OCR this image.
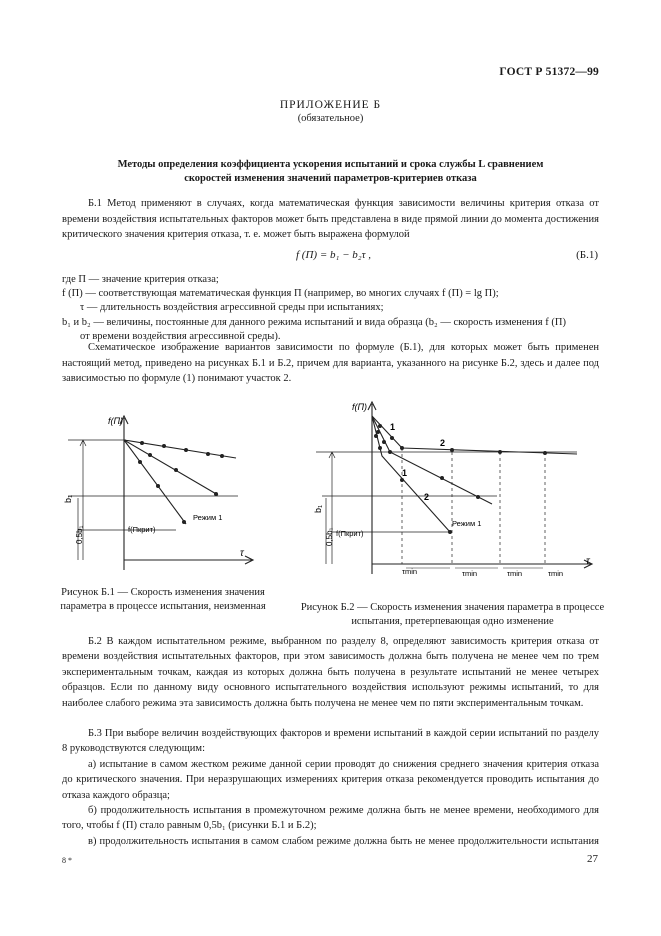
ГОСТ Р 51372—99
ПРИЛОЖЕНИЕ Б
(обязательное)
Методы определения коэффициента ускорения испытаний и срока службы L сравнением
скоростей изменения значений параметров-критериев отказа
Б.1 Метод применяют в случаях, когда математическая функция зависимости величины критерия отказа от времени воздействия испытательных факторов может быть представлена в виде прямой линии до момента достижения критического значения критерия отказа, т. е. может быть выражена формулой
f (П) = b₁ − b₂τ ,	(Б.1)

где П — значение критерия отказа;

f (П) — соответствующая математическая функция П (например, во многих случаях f (П) = lg П);

τ — длительность воздействия агрессивной среды при испытаниях;

b₁ и b₂ — величины, постоянные для данного режима испытаний и вида образца (b₂ — скорость изменения f (П)

от времени воздействия агрессивной среды).

Схематическое изображение вариантов зависимости по формуле (Б.1), для которых может быть применен настоящий метод, приведено на рисунках Б.1 и Б.2, причем для варианта, указанного на рисунке Б.2, здесь и далее под зависимостью по формуле (1) понимают участок 2.
f(П)
b₁
0,5b₁	f(Пкрит)
Режим 1
τ
Рисунок Б.1 — Скорость изменения значения параметра в процессе испытания, неизменная
f(П)
1
1
2
2
b₁
0,5b₁ f(Пкрит)
Режим 1
τmin	τmin	τmin	τmin
τ
Рисунок Б.2 — Скорость изменения значения параметра в процессе испытания, претерпевающая одно изменение
Б.2 В каждом испытательном режиме, выбранном по разделу 8, определяют зависимость критерия отказа от времени воздействия испытательных факторов, при этом зависимость должна быть получена не менее чем по трем экспериментальным точкам, каждая из которых должна быть получена в результате испытаний не менее четырех образцов. Если по данному виду основного испытательного воздействия используют режимы испытаний, то для наиболее слабого режима эта зависимость должна быть получена не менее чем по пяти экспериментальным точкам.
Б.3 При выборе величин воздействующих факторов и времени испытаний в каждой серии испытаний по разделу 8 руководствуются следующим:
а) испытание в самом жестком режиме данной серии проводят до снижения среднего значения критерия отказа до критического значения. При неразрушающих измерениях критерия отказа рекомендуется проводить испытания до отказа каждого образца;
б) продолжительность испытания в промежуточном режиме должна быть не менее времени, необходимого для того, чтобы f (П) стало равным 0,5b₁ (рисунки Б.1 и Б.2);
в) продолжительность испытания в самом слабом режиме должна быть не менее продолжительности испытания
8 *	27
